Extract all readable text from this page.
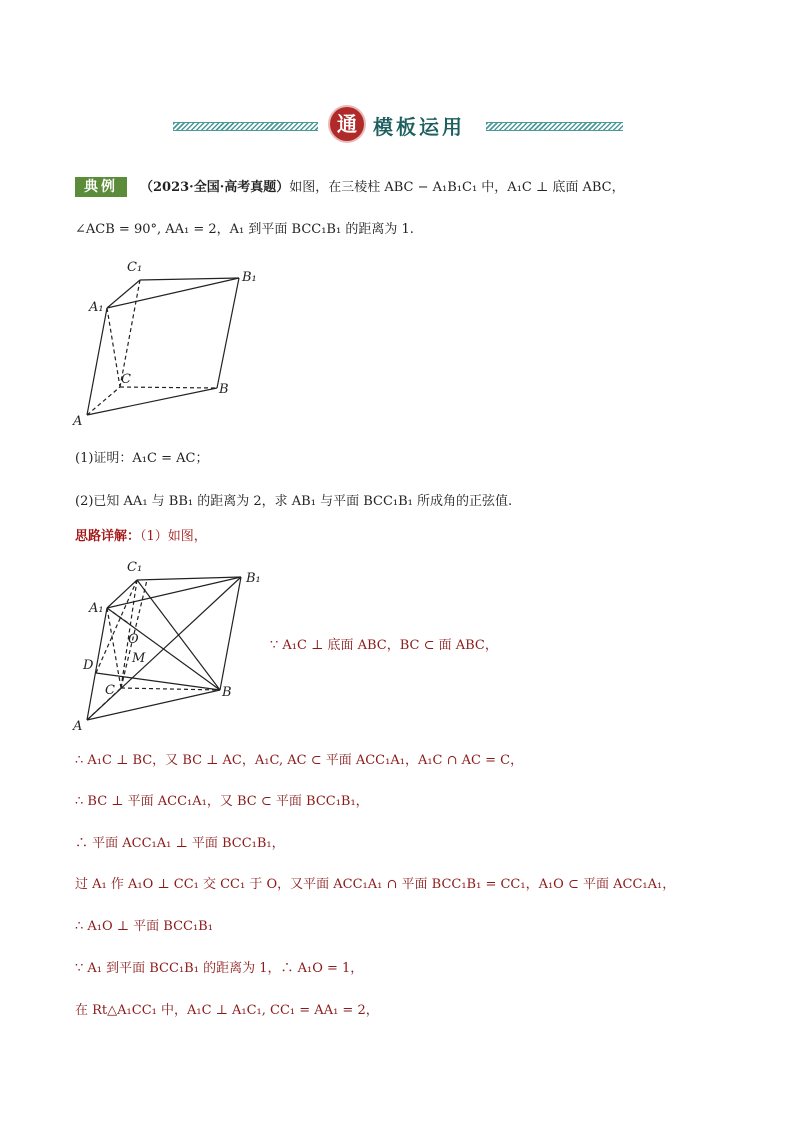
通 模板运用
典例	（2023·全国·高考真题）如图，在三棱柱 ABC − A₁B₁C₁ 中，A₁C ⊥ 底面 ABC，
∠ACB = 90°, AA₁ = 2，A₁ 到平面 BCC₁B₁ 的距离为 1.
C₁
B₁
A₁
C
B
A
(1)证明：A₁C = AC；
(2)已知 AA₁ 与 BB₁ 的距离为 2，求 AB₁ 与平面 BCC₁B₁ 所成角的正弦值.
思路详解：（1）如图，
C₁
B₁
A₁
O
M
D
C	B
A
∵ A₁C ⊥ 底面 ABC，BC ⊂ 面 ABC，
∴ A₁C ⊥ BC，又 BC ⊥ AC，A₁C, AC ⊂ 平面 ACC₁A₁，A₁C ∩ AC = C，
∴ BC ⊥ 平面 ACC₁A₁，又 BC ⊂ 平面 BCC₁B₁，
∴ 平面 ACC₁A₁ ⊥ 平面 BCC₁B₁，
过 A₁ 作 A₁O ⊥ CC₁ 交 CC₁ 于 O，又平面 ACC₁A₁ ∩ 平面 BCC₁B₁ = CC₁，A₁O ⊂ 平面 ACC₁A₁，
∴ A₁O ⊥ 平面 BCC₁B₁
∵ A₁ 到平面 BCC₁B₁ 的距离为 1，∴ A₁O = 1，
在 Rt△A₁CC₁ 中，A₁C ⊥ A₁C₁, CC₁ = AA₁ = 2，
